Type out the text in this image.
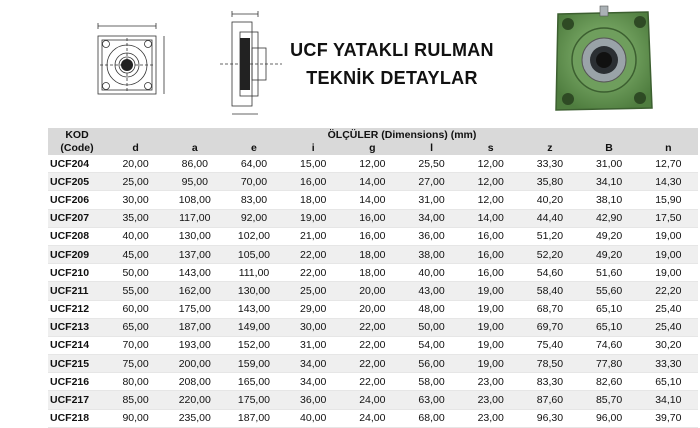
UCF YATAKLI RULMAN
TEKNİK DETAYLAR
KOD	ÖLÇÜLER (Dimensions) (mm)									
(Code)	d	a	e	i	g	l	s	z	B	n
UCF204	20,00	86,00	64,00	15,00	12,00	25,50	12,00	33,30	31,00	12,70
UCF205	25,00	95,00	70,00	16,00	14,00	27,00	12,00	35,80	34,10	14,30
UCF206	30,00	108,00	83,00	18,00	14,00	31,00	12,00	40,20	38,10	15,90
UCF207	35,00	117,00	92,00	19,00	16,00	34,00	14,00	44,40	42,90	17,50
UCF208	40,00	130,00	102,00	21,00	16,00	36,00	16,00	51,20	49,20	19,00
UCF209	45,00	137,00	105,00	22,00	18,00	38,00	16,00	52,20	49,20	19,00
UCF210	50,00	143,00	111,00	22,00	18,00	40,00	16,00	54,60	51,60	19,00
UCF211	55,00	162,00	130,00	25,00	20,00	43,00	19,00	58,40	55,60	22,20
UCF212	60,00	175,00	143,00	29,00	20,00	48,00	19,00	68,70	65,10	25,40
UCF213	65,00	187,00	149,00	30,00	22,00	50,00	19,00	69,70	65,10	25,40
UCF214	70,00	193,00	152,00	31,00	22,00	54,00	19,00	75,40	74,60	30,20
UCF215	75,00	200,00	159,00	34,00	22,00	56,00	19,00	78,50	77,80	33,30
UCF216	80,00	208,00	165,00	34,00	22,00	58,00	23,00	83,30	82,60	65,10
UCF217	85,00	220,00	175,00	36,00	24,00	63,00	23,00	87,60	85,70	34,10
UCF218	90,00	235,00	187,00	40,00	24,00	68,00	23,00	96,30	96,00	39,70
